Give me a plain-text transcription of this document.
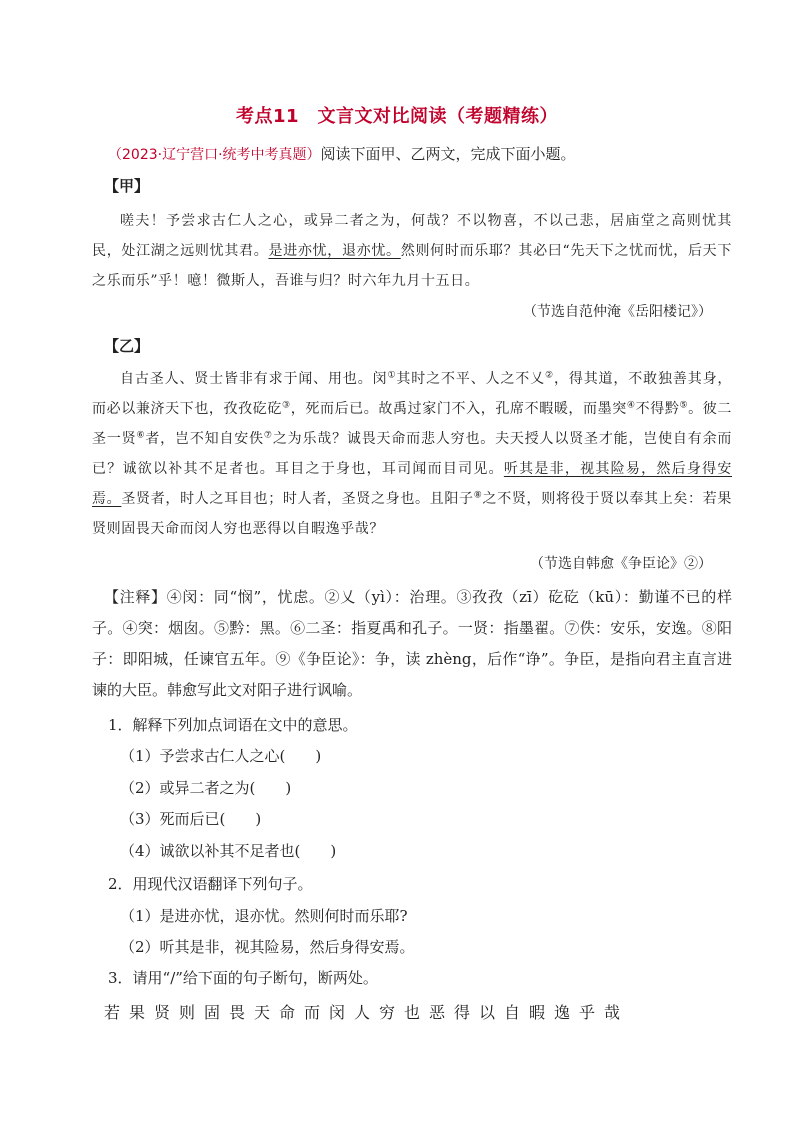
考点11　文言文对比阅读（考题精练）
（2023·辽宁营口·统考中考真题）阅读下面甲、乙两文，完成下面小题。
【甲】
嗟夫！予尝求古仁人之心，或异二者之为，何哉？不以物喜，不以己悲，居庙堂之高则忧其民，处江湖之远则忧其君。是进亦忧，退亦忧。然则何时而乐耶？其必曰“先天下之忧而忧，后天下之乐而乐”乎！噫！微斯人，吾谁与归？时六年九月十五日。
（节选自范仲淹《岳阳楼记》）
【乙】
自古圣人、贤士皆非有求于闻、用也。闵①其时之不平、人之不乂②，得其道，不敢独善其身，而必以兼济天下也，孜孜矻矻③，死而后已。故禹过家门不入，孔席不暇暖，而墨突④不得黔⑤。彼二圣一贤⑥者，岂不知自安佚⑦之为乐哉？诚畏天命而悲人穷也。夫天授人以贤圣才能，岂使自有余而已？诚欲以补其不足者也。耳目之于身也，耳司闻而目司见。听其是非，视其险易，然后身得安焉。圣贤者，时人之耳目也；时人者，圣贤之身也。且阳子⑧之不贤，则将役于贤以奉其上矣：若果贤则固畏天命而闵人穷也恶得以自暇逸乎哉？
（节选自韩愈《争臣论》②）
【注释】④闵：同“悯”，忧虑。②乂（yì）：治理。③孜孜（zī）矻矻（kū）：勤谨不已的样子。④突：烟囱。⑤黔：黑。⑥二圣：指夏禹和孔子。一贤：指墨翟。⑦佚：安乐，安逸。⑧阳子：即阳城，任谏官五年。⑨《争臣论》：争，读 zhèng，后作“诤”。争臣，是指向君主直言进谏的大臣。韩愈写此文对阳子进行讽喻。
1．解释下列加点词语在文中的意思。
（1）予尝求古仁人之心(　　)
（2）或异二者之为(　　)
（3）死而后已(　　)
（4）诚欲以补其不足者也(　　)
2．用现代汉语翻译下列句子。
（1）是进亦忧，退亦忧。然则何时而乐耶?
（2）听其是非，视其险易，然后身得安焉。
3．请用“/”给下面的句子断句，断两处。
若果贤则固畏天命而闵人穷也恶得以自暇逸乎哉
